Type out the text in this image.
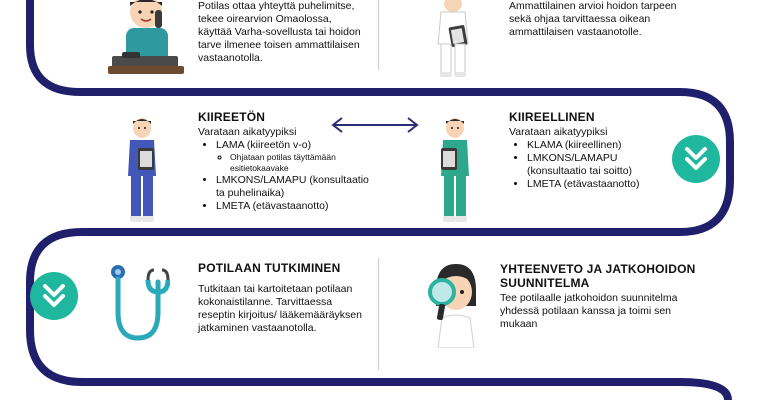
Potilas ottaa yhteyttä puhelimitse, tekee oirearvion Omaolossa, käyttää Varha-sovellusta tai hoidon tarve ilmenee toisen ammattilaisen vastaanotolla.
Ammattilainen arvioi hoidon tarpeen sekä ohjaa tarvittaessa oikean ammattilaisen vastaanotolle.
KIIREETÖN
Varataan aikatyypiksi
• LAMA (kiireetön v-o)
◦ Ohjataan potilas täyttämään esitietokaavake
• LMKONS/LAMAPU (konsultaatio ta puhelinaika)
• LMETA (etävastaanotto)
KIIREELLINEN
Varataan aikatyypiksi
• KLAMA (kiireellinen)
• LMKONS/LAMAPU (konsultaatio tai soitto)
• LMETA (etävastaanotto)
POTILAAN TUTKIMINEN
Tutkitaan tai kartoitetaan potilaan kokonaistilanne. Tarvittaessa reseptin kirjoitus/ lääkemääräyksen jatkaminen vastaanotolla.
YHTEENVETO JA JATKOHOIDON SUUNNITELMA
Tee potilaalle jatkohoidon suunnitelma yhdessä potilaan kanssa ja toimi sen mukaan
